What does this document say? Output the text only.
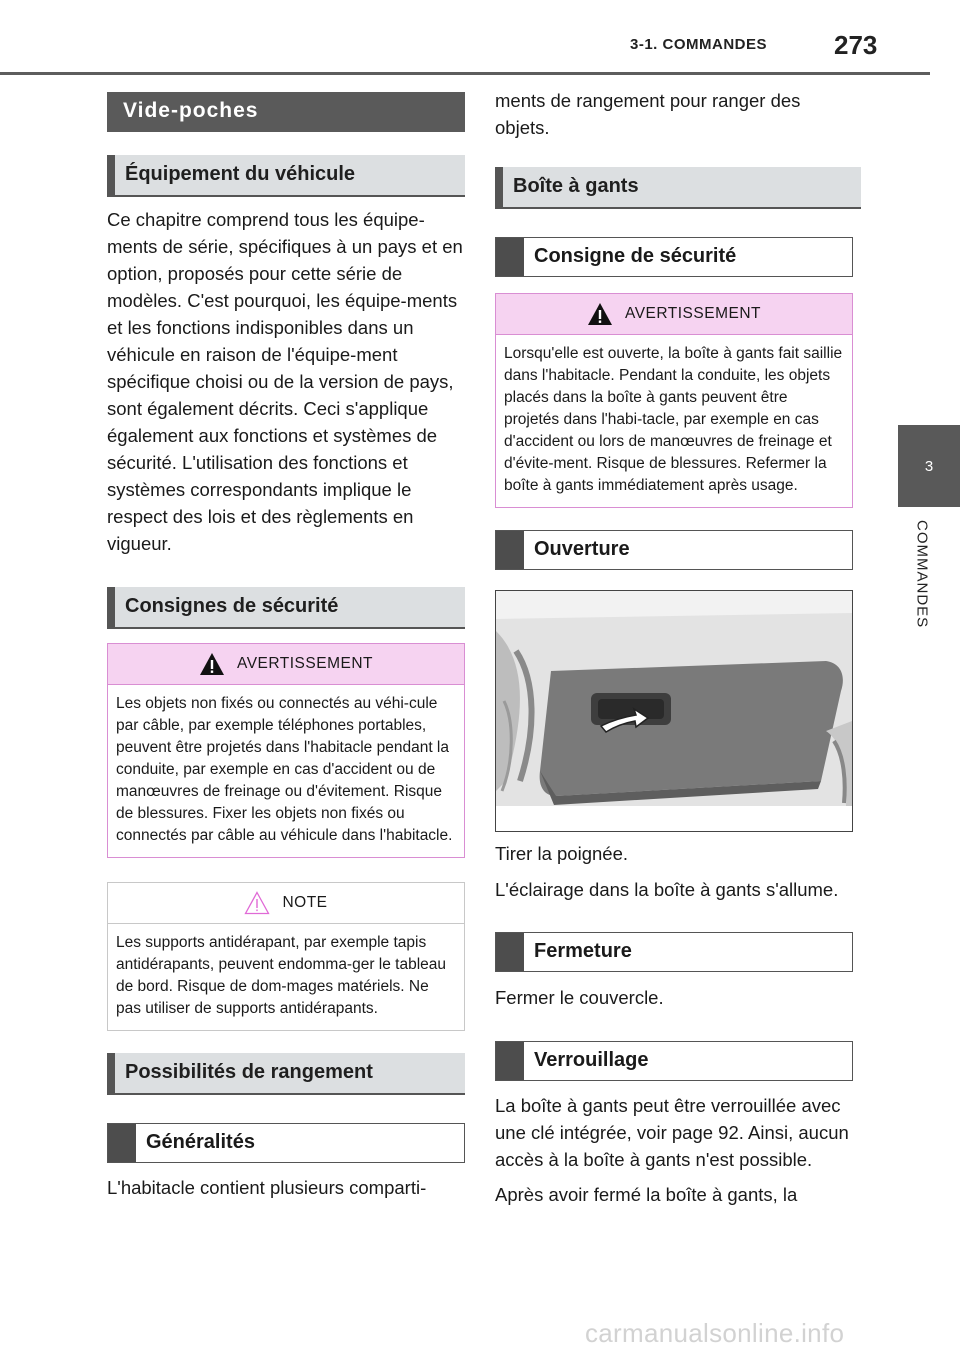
3-1. COMMANDES	273
3
COMMANDES
Vide-poches
Équipement du véhicule

Ce chapitre comprend tous les équipe-ments de série, spécifiques à un pays et en option, proposés pour cette série de modèles. C'est pourquoi, les équipe-ments et les fonctions indisponibles dans un véhicule en raison de l'équipe-ment spécifique choisi ou de la version de pays, sont également décrits. Ceci s'applique également aux fonctions et systèmes de sécurité. L'utilisation des fonctions et systèmes correspondants implique le respect des lois et des règlements en vigueur.

Consignes de sécurité
AVERTISSEMENT
Les objets non fixés ou connectés au véhi-cule par câble, par exemple téléphones portables, peuvent être projetés dans l'habitacle pendant la conduite, par exemple en cas d'accident ou de manœuvres de freinage ou d'évitement. Risque de blessures. Fixer les objets non fixés ou connectés par câble au véhicule dans l'habitacle.
NOTE
Les supports antidérapant, par exemple tapis antidérapants, peuvent endomma-ger le tableau de bord. Risque de dom-mages matériels. Ne pas utiliser de supports antidérapants.
Possibilités de rangement
Généralités

L'habitacle contient plusieurs comparti-

ments de rangement pour ranger des objets.

Boîte à gants
Consigne de sécurité
AVERTISSEMENT
Lorsqu'elle est ouverte, la boîte à gants fait saillie dans l'habitacle. Pendant la conduite, les objets placés dans la boîte à gants peuvent être projetés dans l'habi-tacle, par exemple en cas d'accident ou lors de manœuvres de freinage et d'évite-ment. Risque de blessures. Refermer la boîte à gants immédiatement après usage.
Ouverture

Tirer la poignée.

L'éclairage dans la boîte à gants s'allume.

Fermeture

Fermer le couvercle.

Verrouillage

La boîte à gants peut être verrouillée avec une clé intégrée, voir page 92. Ainsi, aucun accès à la boîte à gants n'est possible.

Après avoir fermé la boîte à gants, la

carmanualsonline.info
